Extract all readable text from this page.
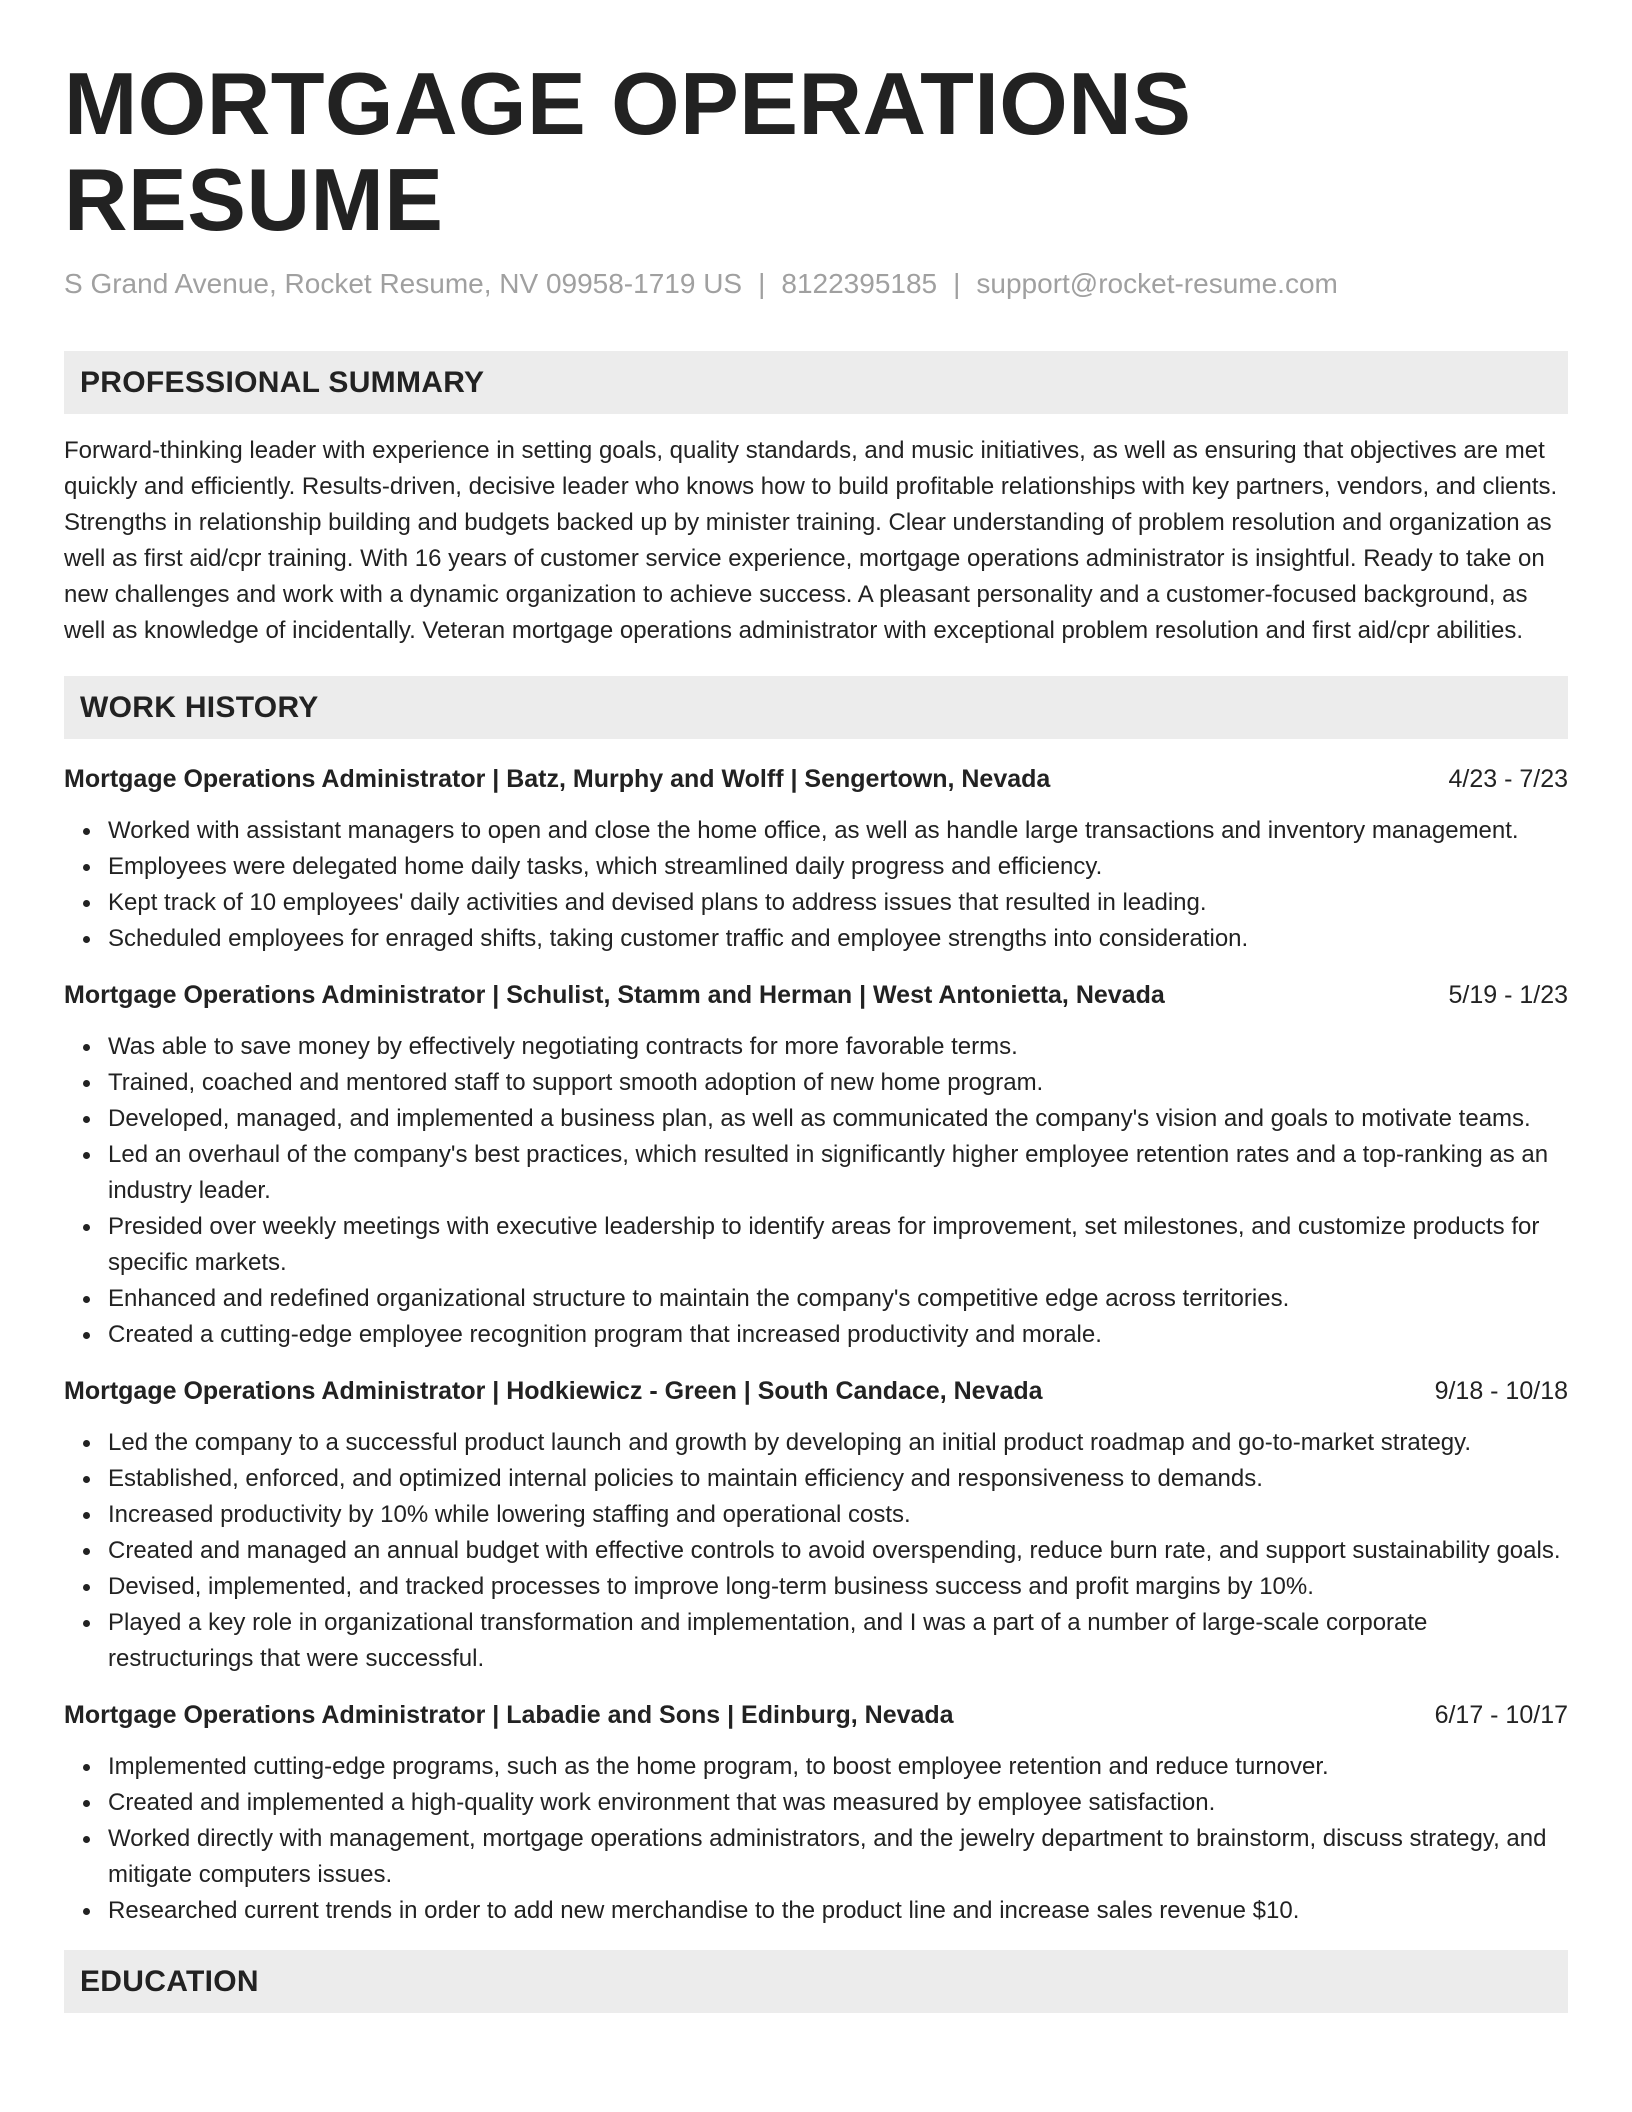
MORTGAGE OPERATIONS RESUME
S Grand Avenue, Rocket Resume, NV 09958-1719 US | 8122395185 | support@rocket-resume.com
PROFESSIONAL SUMMARY

Forward-thinking leader with experience in setting goals, quality standards, and music initiatives, as well as ensuring that objectives are met quickly and efficiently. Results-driven, decisive leader who knows how to build profitable relationships with key partners, vendors, and clients. Strengths in relationship building and budgets backed up by minister training. Clear understanding of problem resolution and organization as well as first aid/cpr training. With 16 years of customer service experience, mortgage operations administrator is insightful. Ready to take on new challenges and work with a dynamic organization to achieve success. A pleasant personality and a customer-focused background, as well as knowledge of incidentally. Veteran mortgage operations administrator with exceptional problem resolution and first aid/cpr abilities.

WORK HISTORY
Mortgage Operations Administrator | Batz, Murphy and Wolff | Sengertown, Nevada	4/23 - 7/23
Worked with assistant managers to open and close the home office, as well as handle large transactions and inventory management.
Employees were delegated home daily tasks, which streamlined daily progress and efficiency.
Kept track of 10 employees' daily activities and devised plans to address issues that resulted in leading.
Scheduled employees for enraged shifts, taking customer traffic and employee strengths into consideration.
Mortgage Operations Administrator | Schulist, Stamm and Herman | West Antonietta, Nevada	5/19 - 1/23
Was able to save money by effectively negotiating contracts for more favorable terms.
Trained, coached and mentored staff to support smooth adoption of new home program.
Developed, managed, and implemented a business plan, as well as communicated the company's vision and goals to motivate teams.
Led an overhaul of the company's best practices, which resulted in significantly higher employee retention rates and a top-ranking as an industry leader.
Presided over weekly meetings with executive leadership to identify areas for improvement, set milestones, and customize products for specific markets.
Enhanced and redefined organizational structure to maintain the company's competitive edge across territories.
Created a cutting-edge employee recognition program that increased productivity and morale.
Mortgage Operations Administrator | Hodkiewicz - Green | South Candace, Nevada	9/18 - 10/18
Led the company to a successful product launch and growth by developing an initial product roadmap and go-to-market strategy.
Established, enforced, and optimized internal policies to maintain efficiency and responsiveness to demands.
Increased productivity by 10% while lowering staffing and operational costs.
Created and managed an annual budget with effective controls to avoid overspending, reduce burn rate, and support sustainability goals.
Devised, implemented, and tracked processes to improve long-term business success and profit margins by 10%.
Played a key role in organizational transformation and implementation, and I was a part of a number of large-scale corporate restructurings that were successful.
Mortgage Operations Administrator | Labadie and Sons | Edinburg, Nevada	6/17 - 10/17
Implemented cutting-edge programs, such as the home program, to boost employee retention and reduce turnover.
Created and implemented a high-quality work environment that was measured by employee satisfaction.
Worked directly with management, mortgage operations administrators, and the jewelry department to brainstorm, discuss strategy, and mitigate computers issues.
Researched current trends in order to add new merchandise to the product line and increase sales revenue $10.
EDUCATION
